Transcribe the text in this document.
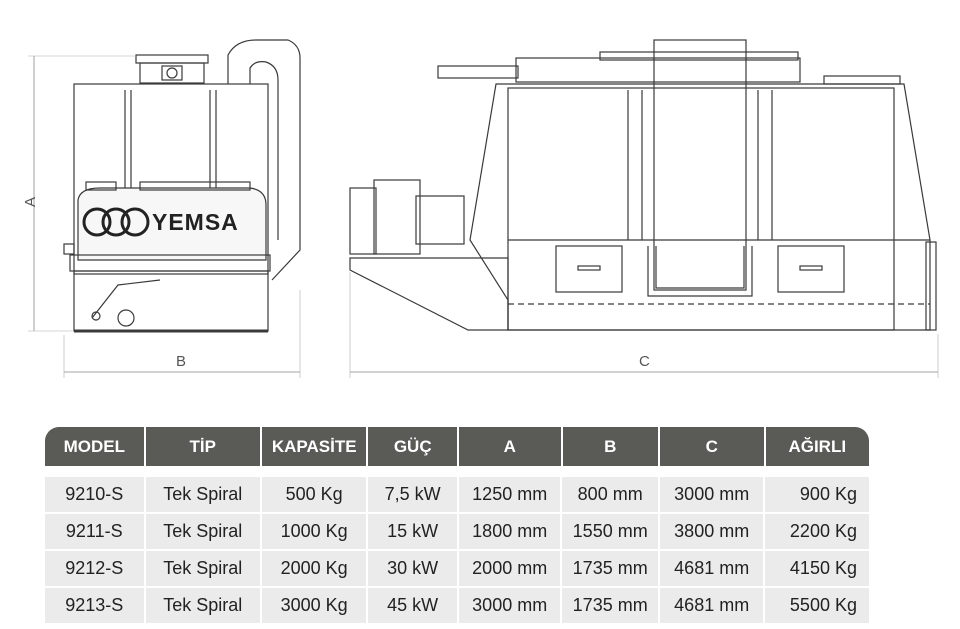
YEMSA
A
B	C
MODEL	TİP	KAPASİTE	GÜÇ	A	B	C	AĞIRLI
9210-S	Tek Spiral	500 Kg	7,5 kW	1250 mm	800 mm	3000 mm	900 Kg
9211-S	Tek Spiral	1000 Kg	15 kW	1800 mm	1550 mm	3800 mm	2200 Kg
9212-S	Tek Spiral	2000 Kg	30 kW	2000 mm	1735 mm	4681 mm	4150 Kg
9213-S	Tek Spiral	3000 Kg	45 kW	3000 mm	1735 mm	4681 mm	5500 Kg
